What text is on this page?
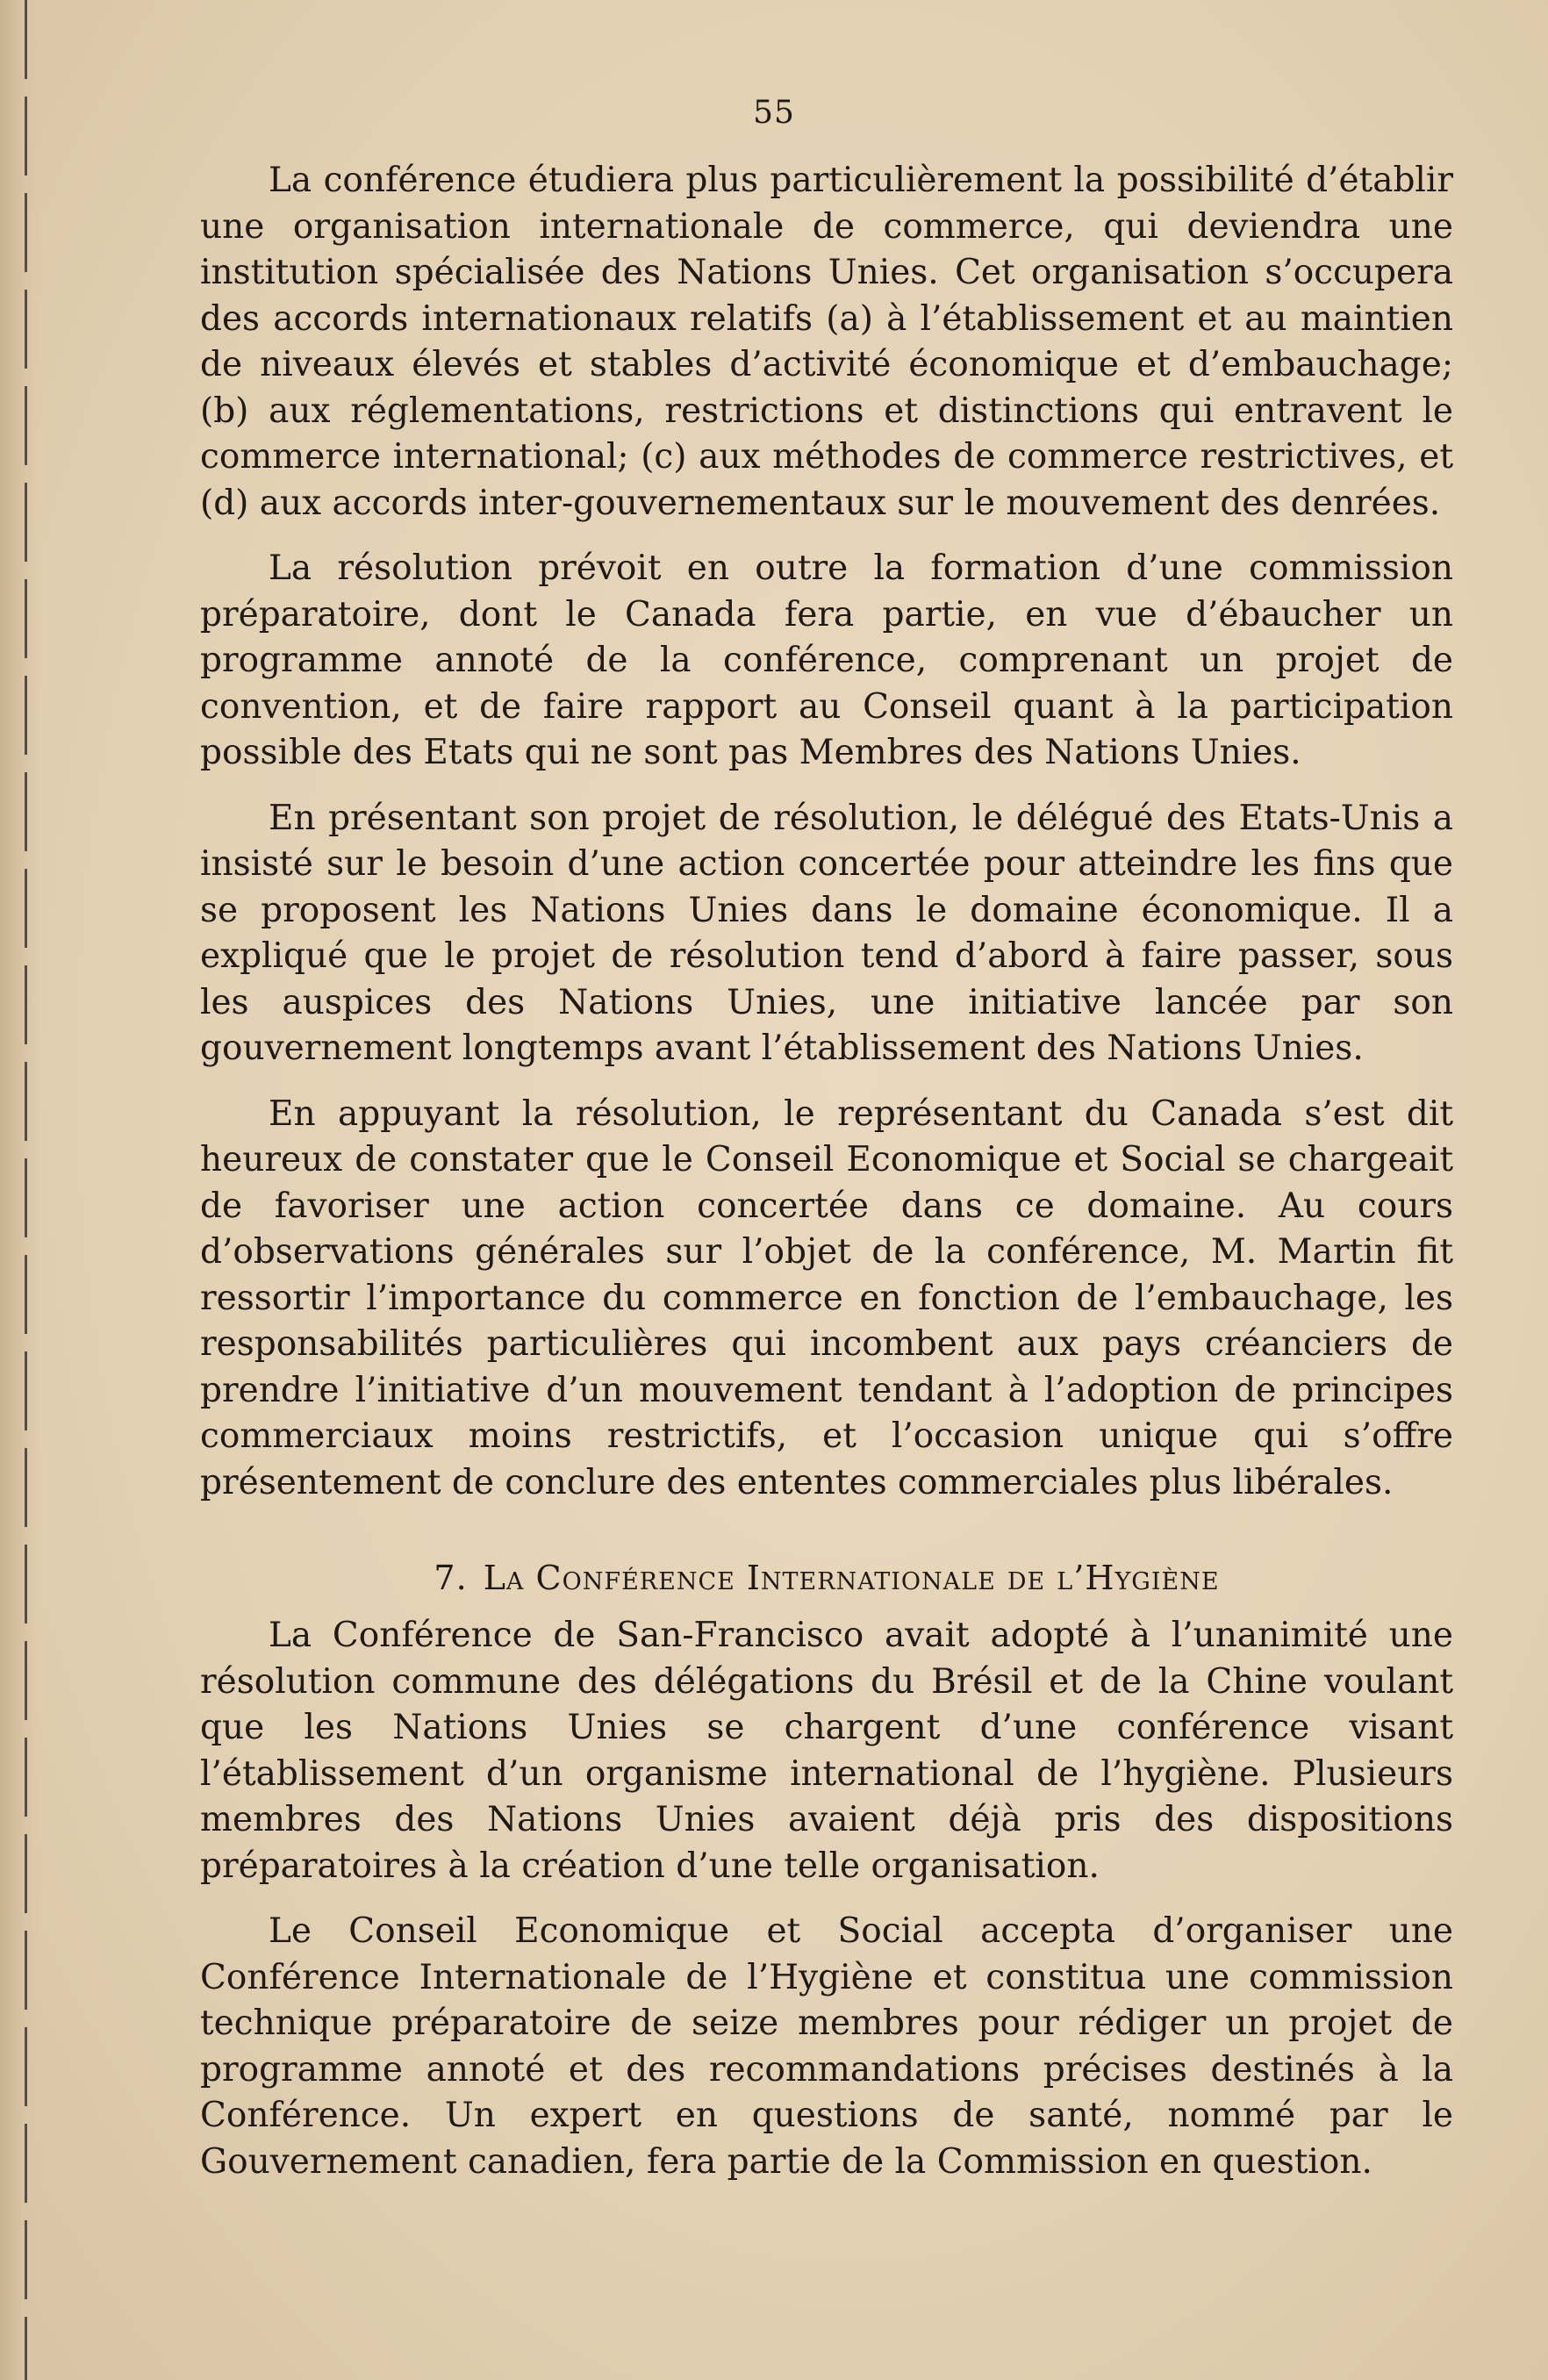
55

La conférence étudiera plus particulièrement la possibilité d’établir une organisation internationale de commerce, qui deviendra une institution spécialisée des Nations Unies. Cet organisation s’occupera des accords internationaux relatifs (a) à l’établissement et au maintien de niveaux élevés et stables d’activité économique et d’embauchage; (b) aux réglementations, restrictions et distinctions qui entravent le commerce international; (c) aux méthodes de commerce restrictives, et (d) aux accords inter-gouvernementaux sur le mouvement des denrées.

La résolution prévoit en outre la formation d’une commission préparatoire, dont le Canada fera partie, en vue d’ébaucher un programme annoté de la conférence, comprenant un projet de convention, et de faire rapport au Conseil quant à la participation possible des Etats qui ne sont pas Membres des Nations Unies.

En présentant son projet de résolution, le délégué des Etats-Unis a insisté sur le besoin d’une action concertée pour atteindre les fins que se proposent les Nations Unies dans le domaine économique. Il a expliqué que le projet de résolution tend d’abord à faire passer, sous les auspices des Nations Unies, une initiative lancée par son gouvernement longtemps avant l’établissement des Nations Unies.

En appuyant la résolution, le représentant du Canada s’est dit heureux de constater que le Conseil Economique et Social se chargeait de favoriser une action concertée dans ce domaine. Au cours d’observations générales sur l’objet de la conférence, M. Martin fit ressortir l’importance du commerce en fonction de l’embauchage, les responsabilités particulières qui incombent aux pays créanciers de prendre l’initiative d’un mouvement tendant à l’adoption de principes commerciaux moins restrictifs, et l’occasion unique qui s’offre présentement de conclure des ententes commerciales plus libérales.

7. La Conférence Internationale de l’Hygiène

La Conférence de San-Francisco avait adopté à l’unanimité une résolution commune des délégations du Brésil et de la Chine voulant que les Nations Unies se chargent d’une conférence visant l’établissement d’un organisme international de l’hygiène. Plusieurs membres des Nations Unies avaient déjà pris des dispositions préparatoires à la création d’une telle organisation.

Le Conseil Economique et Social accepta d’organiser une Conférence Internationale de l’Hygiène et constitua une commission technique préparatoire de seize membres pour rédiger un projet de programme annoté et des recommandations précises destinés à la Conférence. Un expert en questions de santé, nommé par le Gouvernement canadien, fera partie de la Commission en question.
